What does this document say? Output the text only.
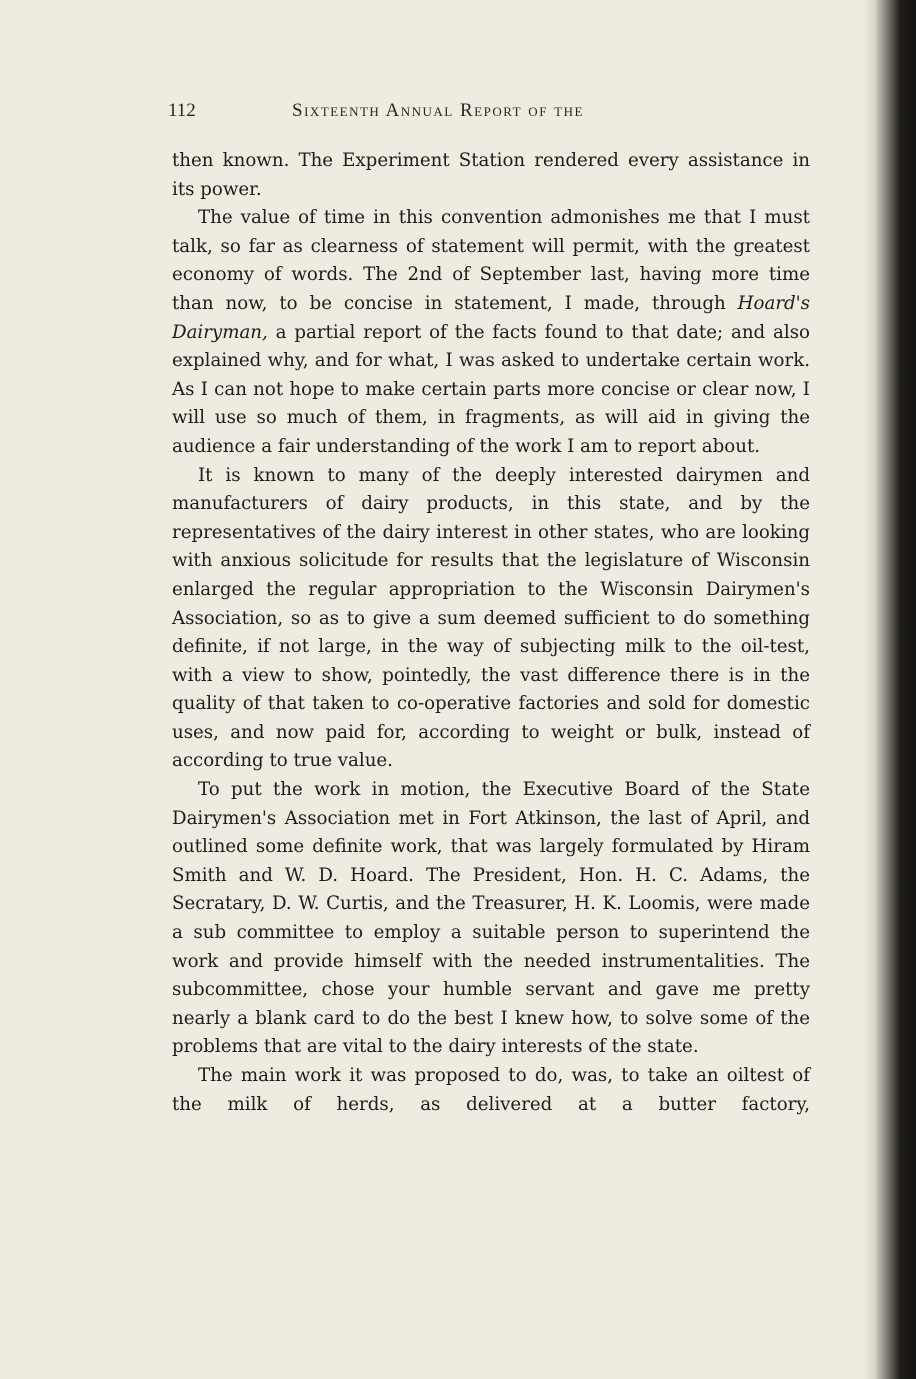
112	Sixteenth Annual Report of the

then known. The Experiment Station rendered every assistance in its power.

The value of time in this convention admonishes me that I must talk, so far as clearness of statement will permit, with the greatest economy of words. The 2nd of September last, having more time than now, to be concise in statement, I made, through Hoard's Dairyman, a partial report of the facts found to that date; and also explained why, and for what, I was asked to undertake certain work. As I can not hope to make certain parts more concise or clear now, I will use so much of them, in fragments, as will aid in giving the audience a fair understanding of the work I am to report about.

It is known to many of the deeply interested dairymen and manufacturers of dairy products, in this state, and by the representatives of the dairy interest in other states, who are looking with anxious solicitude for results that the legislature of Wisconsin enlarged the regular appropriation to the Wisconsin Dairymen's Association, so as to give a sum deemed sufficient to do something definite, if not large, in the way of subjecting milk to the oil-test, with a view to show, pointedly, the vast difference there is in the quality of that taken to co-operative factories and sold for domestic uses, and now paid for, according to weight or bulk, instead of according to true value.

To put the work in motion, the Executive Board of the State Dairymen's Association met in Fort Atkinson, the last of April, and outlined some definite work, that was largely formulated by Hiram Smith and W. D. Hoard. The President, Hon. H. C. Adams, the Secratary, D. W. Curtis, and the Treasurer, H. K. Loomis, were made a sub committee to employ a suitable person to superintend the work and provide himself with the needed instrumentalities. The subcommittee, chose your humble servant and gave me pretty nearly a blank card to do the best I knew how, to solve some of the problems that are vital to the dairy interests of the state.

The main work it was proposed to do, was, to take an oiltest of the milk of herds, as delivered at a butter factory,
